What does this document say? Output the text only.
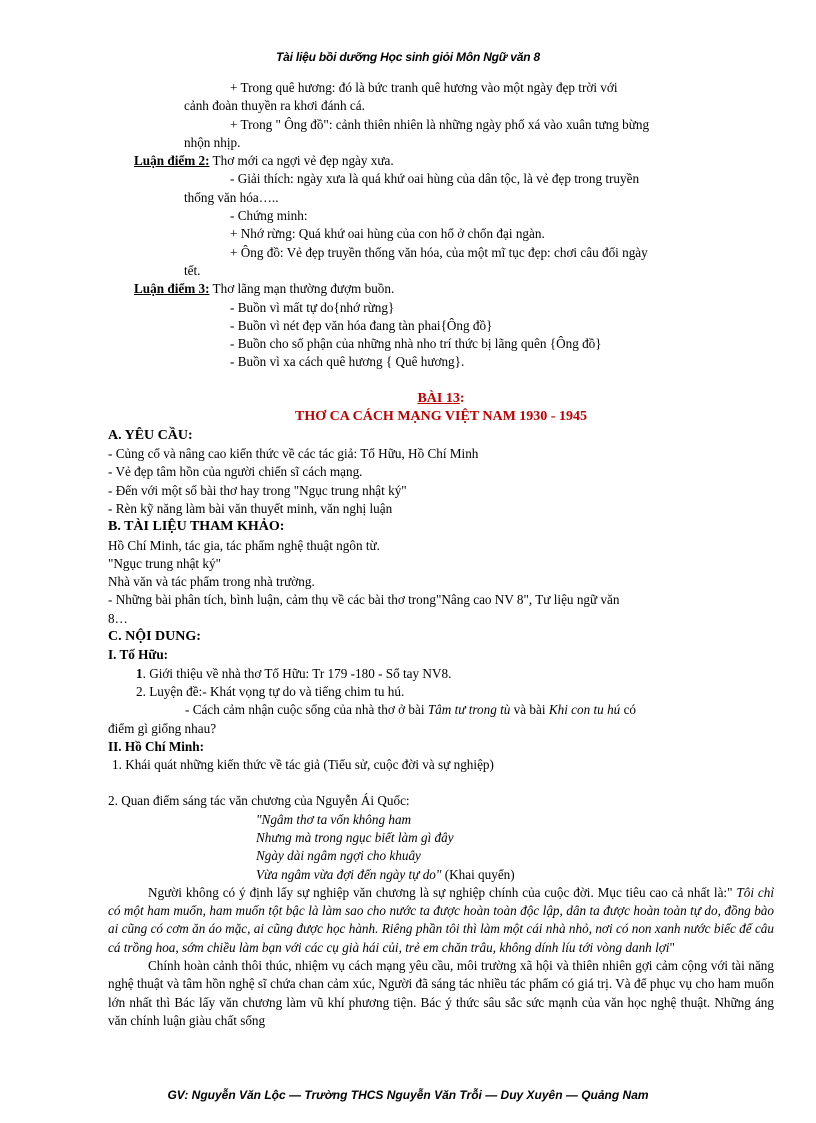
Tài liệu bồi dưỡng Học sinh giỏi Môn Ngữ văn 8

+ Trong quê hương: đó là bức tranh quê hương vào một ngày đẹp trời với

cảnh đoàn thuyền ra khơi đánh cá.

+ Trong " Ông đồ": cảnh thiên nhiên là những ngày phố xá vào xuân tưng bừng

nhộn nhịp.

Luận điểm 2: Thơ mới ca ngợi vẻ đẹp ngày xưa.

- Giải thích: ngày xưa là quá khứ oai hùng của dân tộc, là vẻ đẹp trong truyền

thống văn hóa…..

- Chứng minh:

+ Nhớ rừng: Quá khứ oai hùng của con hổ ở chốn đại ngàn.

+ Ông đồ: Vẻ đẹp truyền thống văn hóa, của một mĩ tục đẹp: chơi câu đối ngày

tết.

Luận điểm 3: Thơ lãng mạn thường đượm buồn.

- Buồn vì mất tự do{nhớ rừng}

- Buồn vì nét đẹp văn hóa đang tàn phai{Ông đồ}

- Buồn cho số phận của những nhà nho trí thức bị lãng quên {Ông đồ}

- Buồn vì xa cách quê hương { Quê hương}.

BÀI 13:

THƠ CA CÁCH MẠNG VIỆT NAM 1930 - 1945

A. YÊU CẦU:

- Củng cố và nâng cao kiến thức về các tác giả: Tố Hữu, Hồ Chí Minh

- Vẻ đẹp tâm hồn của người chiến sĩ cách mạng.

- Đến với một số bài thơ hay trong "Ngục trung nhật ký"

- Rèn kỹ năng làm bài văn thuyết minh, văn nghị luận

B. TÀI LIỆU THAM KHẢO:

Hồ Chí Minh, tác gia, tác phẩm nghệ thuật ngôn từ.

"Ngục trung nhật ký"

Nhà văn và tác phẩm trong nhà trường.

- Những bài phân tích, bình luận, cảm thụ về các bài thơ trong"Nâng cao NV 8", Tư liệu ngữ văn

8…

C. NỘI DUNG:

I. Tố Hữu:

1. Giới thiệu về nhà thơ Tố Hữu: Tr 179 -180 - Sổ tay NV8.

2. Luyện đề:- Khát vọng tự do và tiếng chim tu hú.

- Cách cảm nhận cuộc sống của nhà thơ ở bài Tâm tư trong tù và bài Khi con tu hú có

điểm gì giống nhau?

II. Hồ Chí Minh:

1. Khái quát những kiến thức về tác giả (Tiểu sử, cuộc đời và sự nghiệp)

2. Quan điểm sáng tác văn chương của Nguyễn Ái Quốc:

"Ngâm thơ ta vốn không ham

Nhưng mà trong ngục biết làm gì đây

Ngày dài ngâm ngợi cho khuây

Vừa ngâm vừa đợi đến ngày tự do" (Khai quyển)

Người không có ý định lấy sự nghiệp văn chương là sự nghiệp chính của cuộc đời. Mục tiêu cao cả nhất là:" Tôi chỉ có một ham muốn, ham muốn tột bậc là làm sao cho nước ta được hoàn toàn độc lập, dân ta được hoàn toàn tự do, đồng bào ai cũng có cơm ăn áo mặc, ai cũng được học hành. Riêng phần tôi thì làm một cái nhà nhỏ, nơi có non xanh nước biếc để câu cá trồng hoa, sớm chiều làm bạn với các cụ già hái củi, trẻ em chăn trâu, không dính líu tới vòng danh lợi"

Chính hoàn cảnh thôi thúc, nhiệm vụ cách mạng yêu cầu, môi trường xã hội và thiên nhiên gợi cảm cộng với tài năng nghệ thuật và tâm hồn nghệ sĩ chứa chan cảm xúc, Người đã sáng tác nhiều tác phẩm có giá trị. Và để phục vụ cho ham muốn lớn nhất thì Bác lấy văn chương làm vũ khí phương tiện. Bác ý thức sâu sắc sức mạnh của văn học nghệ thuật. Những áng văn chính luận giàu chất sống

GV: Nguyễn Văn Lộc — Trường THCS Nguyễn Văn Trỗi — Duy Xuyên — Quảng Nam
